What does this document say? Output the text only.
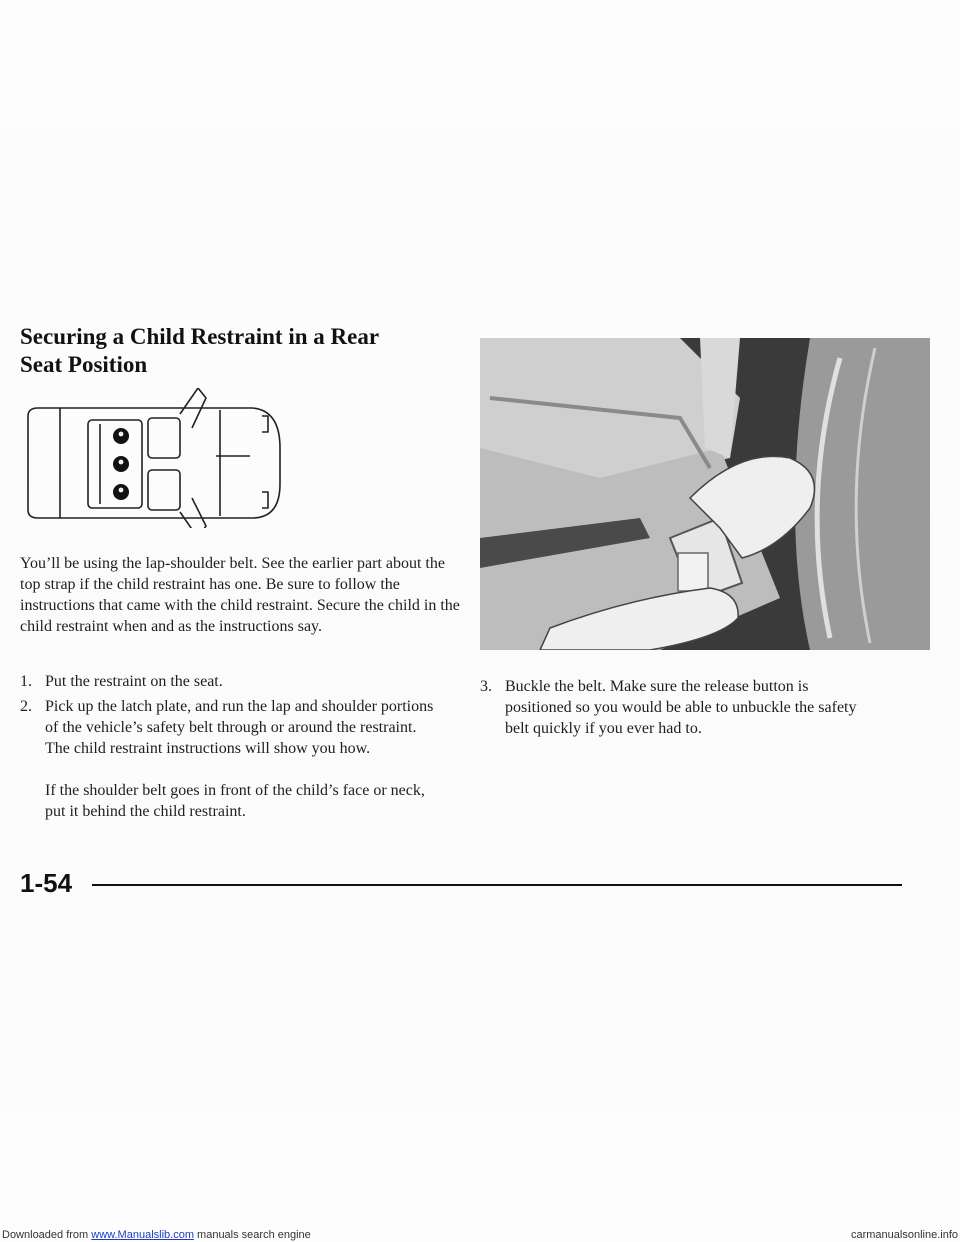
Securing a Child Restraint in a Rear Seat Position

You’ll be using the lap-shoulder belt. See the earlier part about the top strap if the child restraint has one. Be sure to follow the instructions that came with the child restraint. Secure the child in the child restraint when and as the instructions say.

1. Put the restraint on the seat.
2. Pick up the latch plate, and run the lap and shoulder portions of the vehicle’s safety belt through or around the restraint. The child restraint instructions will show you how.

If the shoulder belt goes in front of the child’s face or neck, put it behind the child restraint.

3. Buckle the belt. Make sure the release button is positioned so you would be able to unbuckle the safety belt quickly if you ever had to.
1-54
Downloaded from www.Manualslib.com manuals search engine	carmanualsonline.info
